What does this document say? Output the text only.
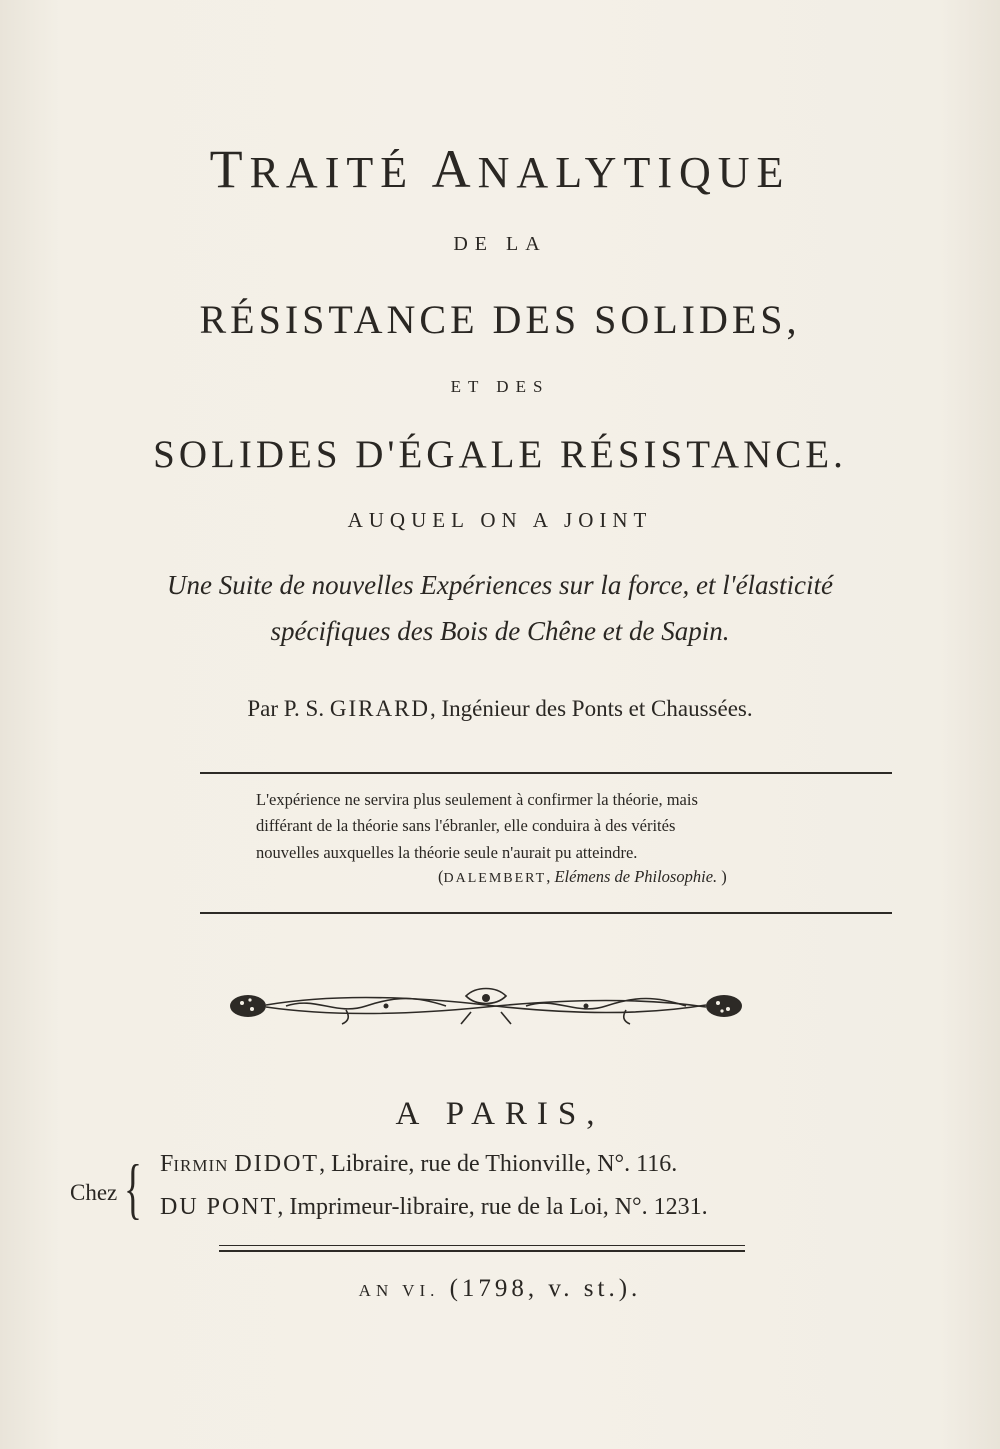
TRAITÉ ANALYTIQUE
DE LA
RÉSISTANCE DES SOLIDES,
ET DES
SOLIDES D'ÉGALE RÉSISTANCE.
AUQUEL ON A JOINT
Une Suite de nouvelles Expériences sur la force, et l'élasticité
spécifiques des Bois de Chêne et de Sapin.
Par P. S. GIRARD, Ingénieur des Ponts et Chaussées.
L'expérience ne servira plus seulement à confirmer la théorie, mais
différant de la théorie sans l'ébranler, elle conduira à des vérités
nouvelles auxquelles la théorie seule n'aurait pu atteindre.
(DALEMBERT, Elémens de Philosophie. )
A PARIS,
Chez { FIRMIN DIDOT, Libraire, rue de Thionville, N°. 116.
DU PONT, Imprimeur-libraire, rue de la Loi, N°. 1231.
AN VI. (1798, v. st.).
